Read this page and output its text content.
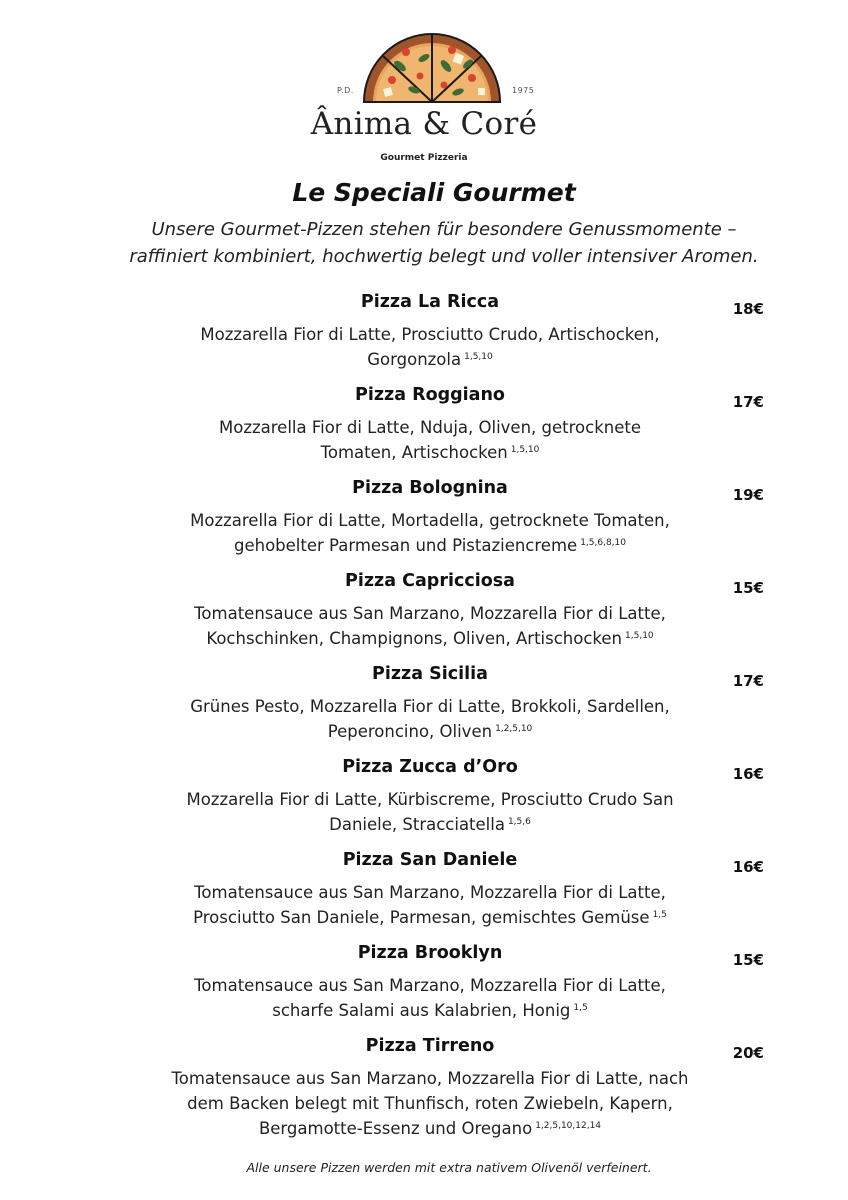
P.D.	1975
Ânima & Coré
Gourmet Pizzeria
Le Speciali Gourmet
Unsere Gourmet-Pizzen stehen für besondere Genussmomente –
raffiniert kombiniert, hochwertig belegt und voller intensiver Aromen.
Pizza La Ricca	18€
Mozzarella Fior di Latte, Prosciutto Crudo, Artischocken,
Gorgonzola $^{1,5,10}$
Pizza Roggiano	17€
Mozzarella Fior di Latte, Nduja, Oliven, getrocknete
Tomaten, Artischocken $^{1,5,10}$
Pizza Bolognina	19€
Mozzarella Fior di Latte, Mortadella, getrocknete Tomaten,
gehobelter Parmesan und Pistaziencreme $^{1,5,6,8,10}$
Pizza Capricciosa	15€
Tomatensauce aus San Marzano, Mozzarella Fior di Latte,
Kochschinken, Champignons, Oliven, Artischocken $^{1,5,10}$
Pizza Sicilia	17€
Grünes Pesto, Mozzarella Fior di Latte, Brokkoli, Sardellen,
Peperoncino, Oliven $^{1,2,5,10}$
Pizza Zucca d’Oro	16€
Mozzarella Fior di Latte, Kürbiscreme, Prosciutto Crudo San
Daniele, Stracciatella $^{1,5,6}$
Pizza San Daniele	16€
Tomatensauce aus San Marzano, Mozzarella Fior di Latte,
Prosciutto San Daniele, Parmesan, gemischtes Gemüse $^{1,5}$
Pizza Brooklyn	15€
Tomatensauce aus San Marzano, Mozzarella Fior di Latte,
scharfe Salami aus Kalabrien, Honig $^{1,5}$
Pizza Tirreno	20€
Tomatensauce aus San Marzano, Mozzarella Fior di Latte, nach
dem Backen belegt mit Thunfisch, roten Zwiebeln, Kapern,
Bergamotte-Essenz und Oregano $^{1,2,5,10,12,14}$
Alle unsere Pizzen werden mit extra nativem Olivenöl verfeinert.
